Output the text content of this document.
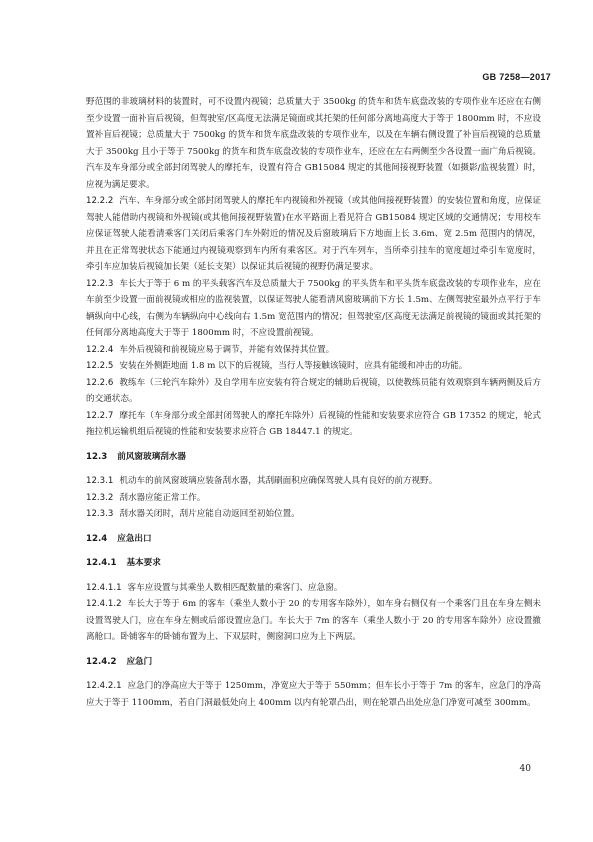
GB 7258—2017

野范围的非玻璃材料的装置时，可不设置内视镜；总质量大于 3500kg 的货车和货车底盘改装的专项作业车还应在右侧至少设置一面补盲后视镜，但驾驶室/区高度无法满足镜面或其托架的任何部分离地高度大于等于 1800mm 时，不应设置补盲后视镜；总质量大于 7500kg 的货车和货车底盘改装的专项作业车，以及在车辆右侧设置了补盲后视镜的总质量大于 3500kg 且小于等于 7500kg 的货车和货车底盘改装的专项作业车，还应在左右两侧至少各设置一面广角后视镜。汽车及车身部分或全部封闭驾驶人的摩托车，设置有符合 GB15084 规定的其他间接视野装置（如摄影/监视装置）时，应视为满足要求。

12.2.2 汽车、车身部分或全部封闭驾驶人的摩托车内视镜和外视镜（或其他间接视野装置）的安装位置和角度，应保证驾驶人能借助内视镜和外视镜(或其他间接视野装置)在水平路面上看见符合 GB15084 规定区域的交通情况；专用校车应保证驾驶人能看清乘客门关闭后乘客门车外附近的情况及后窗玻璃后下方地面上长 3.6m、宽 2.5m 范围内的情况，并且在正常驾驶状态下能通过内视镜观察到车内所有乘客区。对于汽车列车，当所牵引挂车的宽度超过牵引车宽度时，牵引车应加装后视镜加长架（延长支架）以保证其后视镜的视野仍满足要求。

12.2.3 车长大于等于 6 m 的平头载客汽车及总质量大于 7500kg 的平头货车和平头货车底盘改装的专项作业车，应在车前至少设置一面前视镜或相应的监视装置，以保证驾驶人能看清风窗玻璃前下方长 1.5m、左侧驾驶室最外点平行于车辆纵向中心线，右侧为车辆纵向中心线向右 1.5m 宽范围内的情况；但驾驶室/区高度无法满足前视镜的镜面或其托架的任何部分离地高度大于等于 1800mm 时，不应设置前视镜。

12.2.4 车外后视镜和前视镜应易于调节，并能有效保持其位置。

12.2.5 安装在外侧距地面 1.8 m 以下的后视镜，当行人等接触该镜时，应具有能缓和冲击的功能。

12.2.6 教练车（三轮汽车除外）及自学用车应安装有符合规定的辅助后视镜，以使教练员能有效观察到车辆两侧及后方的交通状态。

12.2.7 摩托车（车身部分或全部封闭驾驶人的摩托车除外）后视镜的性能和安装要求应符合 GB 17352 的规定，轮式拖拉机运输机组后视镜的性能和安装要求应符合 GB 18447.1 的规定。

12.3 前风窗玻璃刮水器

12.3.1 机动车的前风窗玻璃应装备刮水器，其刮刷面积应确保驾驶人具有良好的前方视野。

12.3.2 刮水器应能正常工作。

12.3.3 刮水器关闭时，刮片应能自动返回至初始位置。

12.4 应急出口

12.4.1 基本要求

12.4.1.1 客车应设置与其乘坐人数相匹配数量的乘客门、应急窗。

12.4.1.2 车长大于等于 6m 的客车（乘坐人数小于 20 的专用客车除外），如车身右侧仅有一个乘客门且在车身左侧未设置驾驶人门，应在车身左侧或后部设置应急门。车长大于 7m 的客车（乘坐人数小于 20 的专用客车除外）应设置撤离舱口。卧铺客车的卧铺布置为上、下双层时，侧窗洞口应为上下两层。

12.4.2 应急门

12.4.2.1 应急门的净高应大于等于 1250mm，净宽应大于等于 550mm；但车长小于等于 7m 的客车，应急门的净高应大于等于 1100mm，若自门洞最低处向上 400mm 以内有轮罩凸出，则在轮罩凸出处应急门净宽可减至 300mm。

40
